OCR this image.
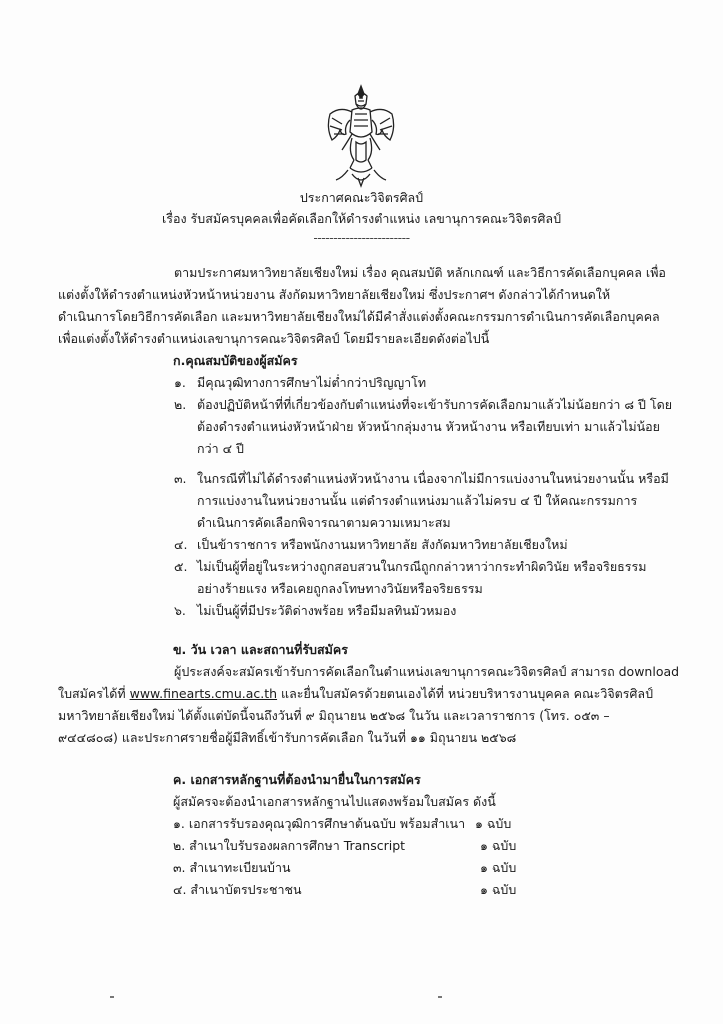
ประกาศคณะวิจิตรศิลป์
เรื่อง รับสมัครบุคคลเพื่อคัดเลือกให้ดำรงตำแหน่ง เลขานุการคณะวิจิตรศิลป์
------------------------
ตามประกาศมหาวิทยาลัยเชียงใหม่ เรื่อง คุณสมบัติ หลักเกณฑ์ และวิธีการคัดเลือกบุคคล เพื่อ
แต่งตั้งให้ดำรงตำแหน่งหัวหน้าหน่วยงาน สังกัดมหาวิทยาลัยเชียงใหม่ ซึ่งประกาศฯ ดังกล่าวได้กำหนดให้
ดำเนินการโดยวิธีการคัดเลือก และมหาวิทยาลัยเชียงใหม่ได้มีคำสั่งแต่งตั้งคณะกรรมการดำเนินการคัดเลือกบุคคล
เพื่อแต่งตั้งให้ดำรงตำแหน่งเลขานุการคณะวิจิตรศิลป์ โดยมีรายละเอียดดังต่อไปนี้
ก.คุณสมบัติของผู้สมัคร
๑. มีคุณวุฒิทางการศึกษาไม่ต่ำกว่าปริญญาโท
๒. ต้องปฏิบัติหน้าที่ที่เกี่ยวข้องกับตำแหน่งที่จะเข้ารับการคัดเลือกมาแล้วไม่น้อยกว่า ๘ ปี โดย
ต้องดำรงตำแหน่งหัวหน้าฝ่าย หัวหน้ากลุ่มงาน หัวหน้างาน หรือเทียบเท่า มาแล้วไม่น้อย
กว่า ๔ ปี
๓. ในกรณีที่ไม่ได้ดำรงตำแหน่งหัวหน้างาน เนื่องจากไม่มีการแบ่งงานในหน่วยงานนั้น หรือมี
การแบ่งงานในหน่วยงานนั้น แต่ดำรงตำแหน่งมาแล้วไม่ครบ ๔ ปี ให้คณะกรรมการ
ดำเนินการคัดเลือกพิจารณาตามความเหมาะสม
๔. เป็นข้าราชการ หรือพนักงานมหาวิทยาลัย สังกัดมหาวิทยาลัยเชียงใหม่
๕. ไม่เป็นผู้ที่อยู่ในระหว่างถูกสอบสวนในกรณีถูกกล่าวหาว่ากระทำผิดวินัย หรือจริยธรรม
อย่างร้ายแรง หรือเคยถูกลงโทษทางวินัยหรือจริยธรรม
๖. ไม่เป็นผู้ที่มีประวัติด่างพร้อย หรือมีมลทินมัวหมอง
ข. วัน เวลา และสถานที่รับสมัคร
ผู้ประสงค์จะสมัครเข้ารับการคัดเลือกในตำแหน่งเลขานุการคณะวิจิตรศิลป์ สามารถ download
ใบสมัครได้ที่ www.finearts.cmu.ac.th และยื่นใบสมัครด้วยตนเองได้ที่ หน่วยบริหารงานบุคคล คณะวิจิตรศิลป์
มหาวิทยาลัยเชียงใหม่ ได้ตั้งแต่บัดนี้จนถึงวันที่ ๙ มิถุนายน ๒๕๖๘ ในวัน และเวลาราชการ (โทร. ๐๕๓ –
๙๔๔๘๐๘) และประกาศรายชื่อผู้มีสิทธิ์เข้ารับการคัดเลือก ในวันที่ ๑๑ มิถุนายน ๒๕๖๘
ค. เอกสารหลักฐานที่ต้องนำมายื่นในการสมัคร
ผู้สมัครจะต้องนำเอกสารหลักฐานไปแสดงพร้อมใบสมัคร ดังนี้
๑. เอกสารรับรองคุณวุฒิการศึกษาต้นฉบับ พร้อมสำเนา ๑ ฉบับ
๒. สำเนาใบรับรองผลการศึกษา Transcript	๑ ฉบับ
๓. สำเนาทะเบียนบ้าน	๑ ฉบับ
๔. สำเนาบัตรประชาชน	๑ ฉบับ
